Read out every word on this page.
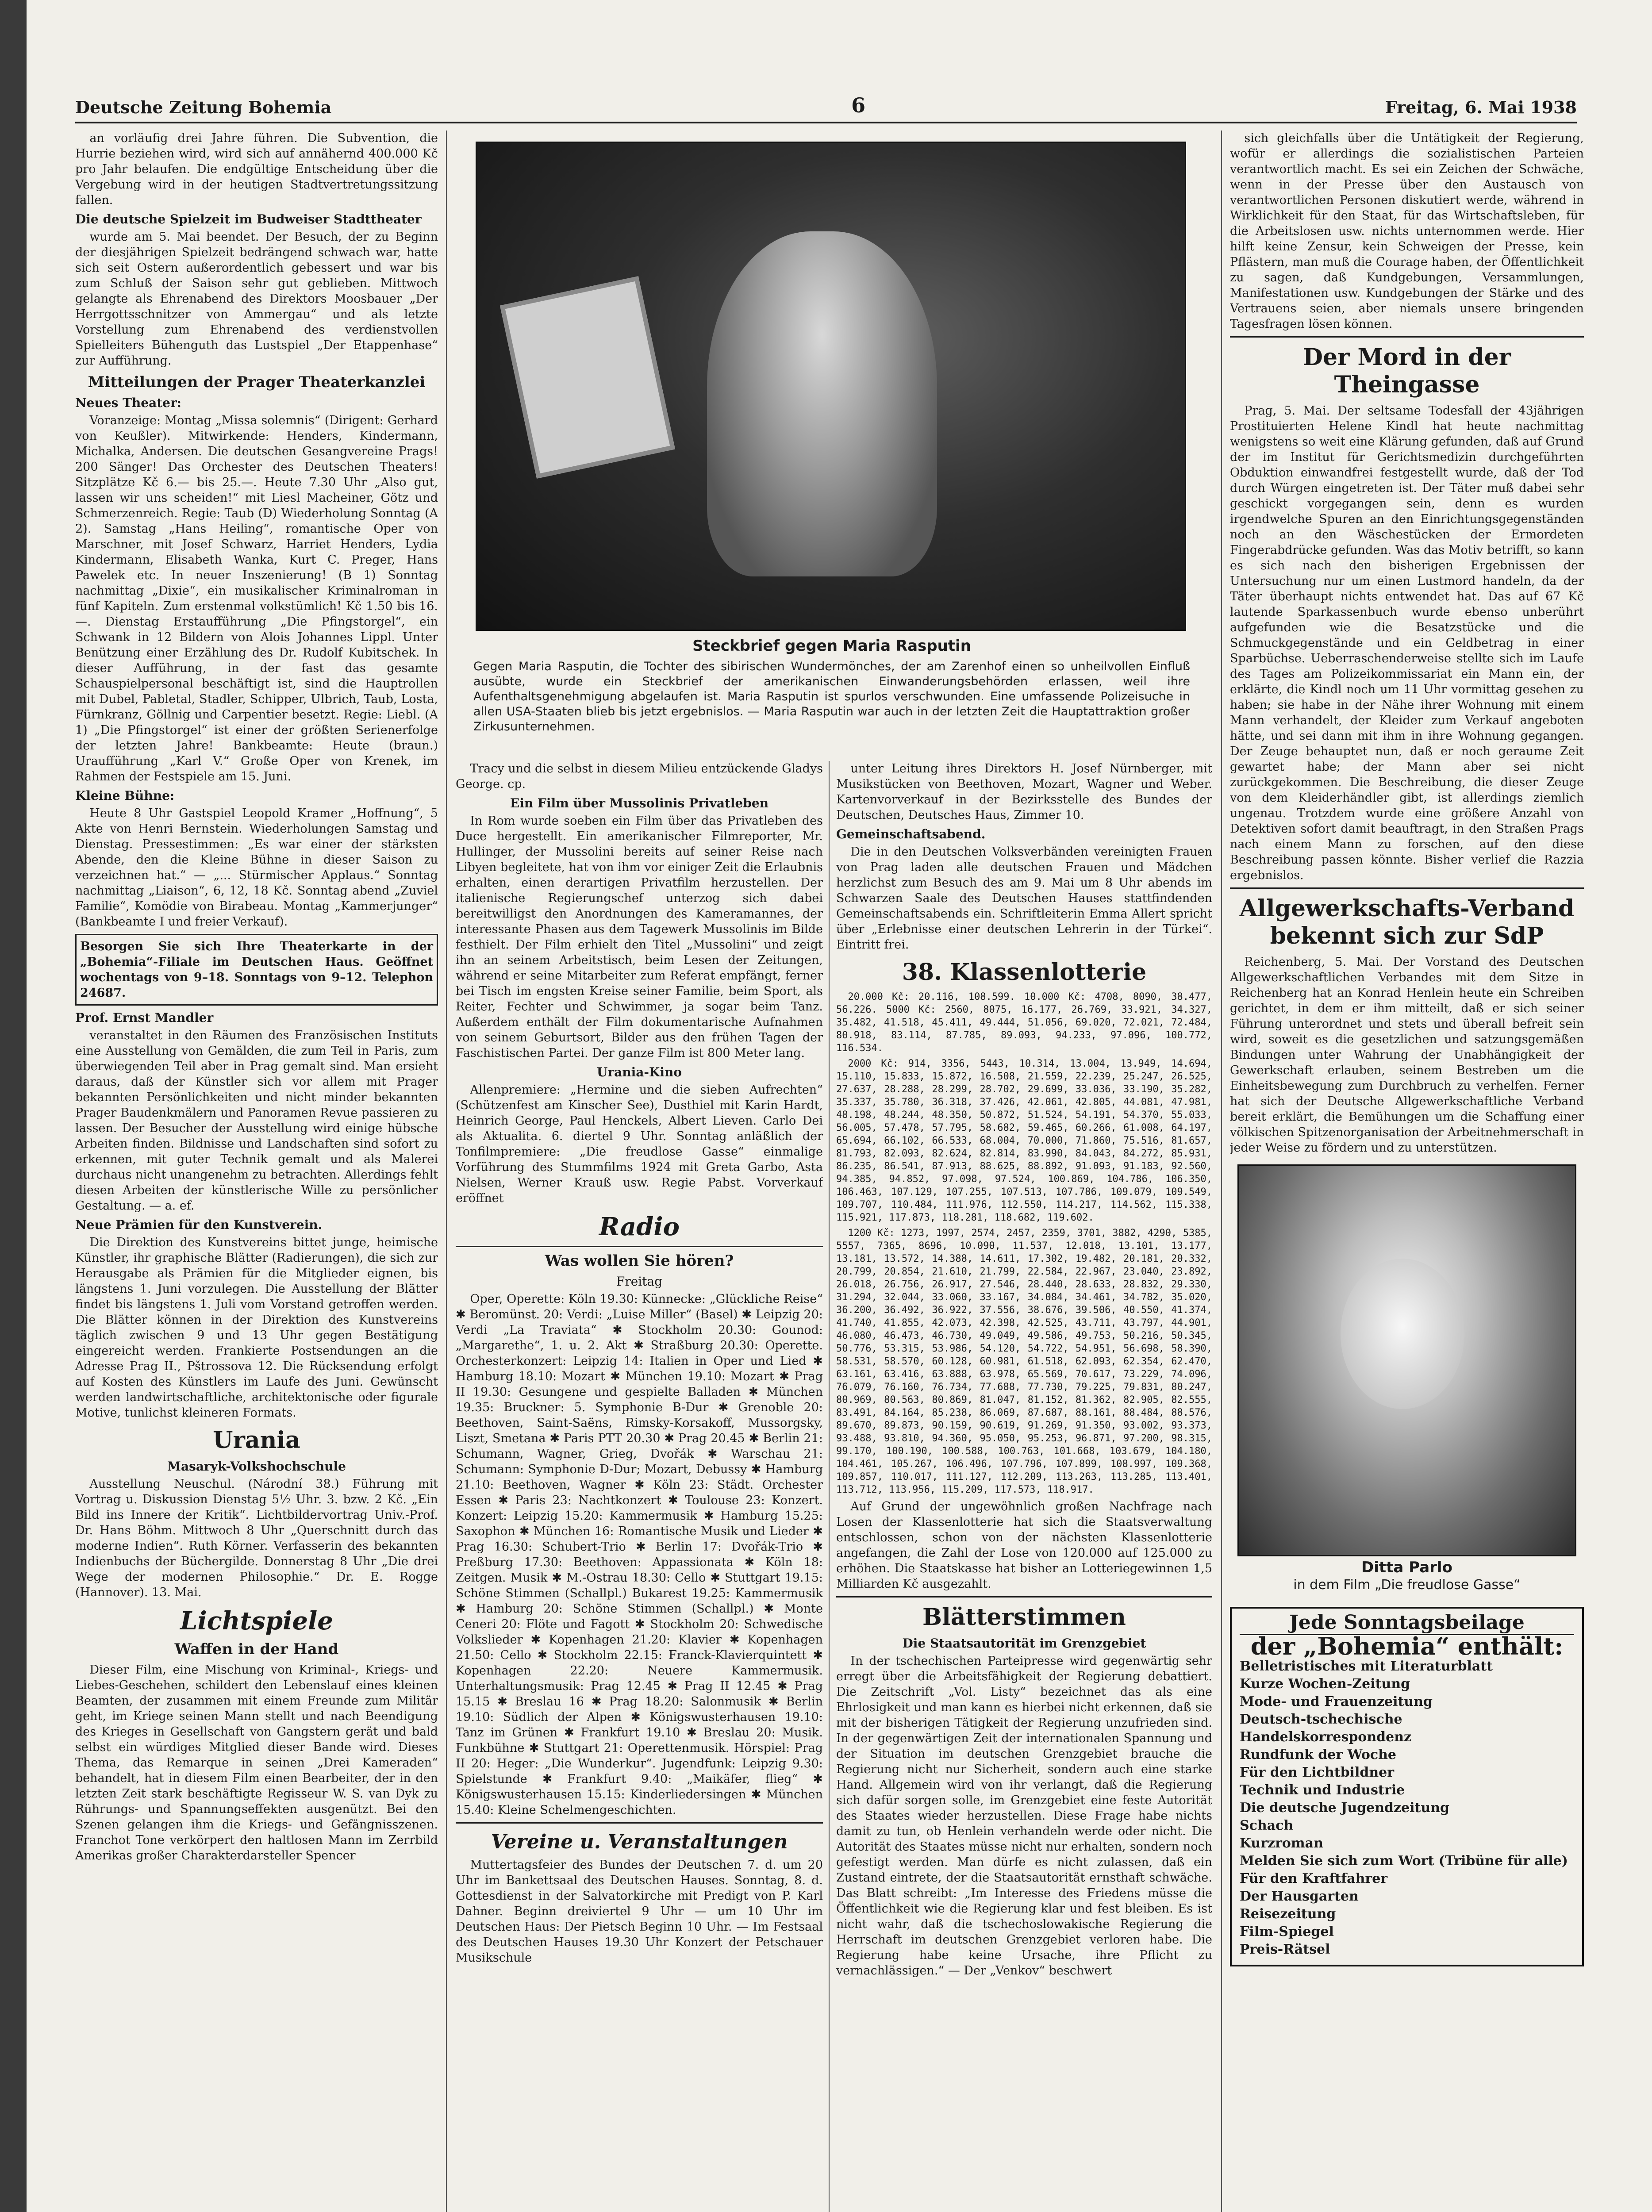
Deutsche Zeitung Bohemia	6	Freitag, 6. Mai 1938

an vorläufig drei Jahre führen. Die Subvention, die Hurrie beziehen wird, wird sich auf annähernd 400.000 Kč pro Jahr belaufen. Die endgültige Entscheidung über die Vergebung wird in der heutigen Stadtvertretungssitzung fallen.

Die deutsche Spielzeit im Budweiser Stadttheater

wurde am 5. Mai beendet. Der Besuch, der zu Beginn der diesjährigen Spielzeit bedrängend schwach war, hatte sich seit Ostern außerordentlich gebessert und war bis zum Schluß der Saison sehr gut geblieben. Mittwoch gelangte als Ehrenabend des Direktors Moosbauer „Der Herrgottsschnitzer von Ammergau“ und als letzte Vorstellung zum Ehrenabend des verdienstvollen Spielleiters Bühenguth das Lustspiel „Der Etappenhase“ zur Aufführung.

Mitteilungen der Prager Theaterkanzlei
Neues Theater:

Voranzeige: Montag „Missa solemnis“ (Dirigent: Gerhard von Keußler). Mitwirkende: Henders, Kindermann, Michalka, Andersen. Die deutschen Gesangvereine Prags! 200 Sänger! Das Orchester des Deutschen Theaters! Sitzplätze Kč 6.— bis 25.—. Heute 7.30 Uhr „Also gut, lassen wir uns scheiden!“ mit Liesl Macheiner, Götz und Schmerzenreich. Regie: Taub (D) Wiederholung Sonntag (A 2). Samstag „Hans Heiling“, romantische Oper von Marschner, mit Josef Schwarz, Harriet Henders, Lydia Kindermann, Elisabeth Wanka, Kurt C. Preger, Hans Pawelek etc. In neuer Inszenierung! (B 1) Sonntag nachmittag „Dixie“, ein musikalischer Kriminalroman in fünf Kapiteln. Zum erstenmal volkstümlich! Kč 1.50 bis 16.—. Dienstag Erstaufführung „Die Pfingstorgel“, ein Schwank in 12 Bildern von Alois Johannes Lippl. Unter Benützung einer Erzählung des Dr. Rudolf Kubitschek. In dieser Aufführung, in der fast das gesamte Schauspielpersonal beschäftigt ist, sind die Hauptrollen mit Dubel, Pabletal, Stadler, Schipper, Ulbrich, Taub, Losta, Fürnkranz, Göllnig und Carpentier besetzt. Regie: Liebl. (A 1) „Die Pfingstorgel“ ist einer der größten Serienerfolge der letzten Jahre! Bankbeamte: Heute (braun.) Uraufführung „Karl V.“ Große Oper von Krenek, im Rahmen der Festspiele am 15. Juni.

Kleine Bühne:

Heute 8 Uhr Gastspiel Leopold Kramer „Hoffnung“, 5 Akte von Henri Bernstein. Wiederholungen Samstag und Dienstag. Pressestimmen: „Es war einer der stärksten Abende, den die Kleine Bühne in dieser Saison zu verzeichnen hat.“ — „... Stürmischer Applaus.“ Sonntag nachmittag „Liaison“, 6, 12, 18 Kč. Sonntag abend „Zuviel Familie“, Komödie von Birabeau. Montag „Kammerjunger“ (Bankbeamte I und freier Verkauf).

Besorgen Sie sich Ihre Theaterkarte in der „Bohemia“-Filiale im Deutschen Haus. Geöffnet wochentags von 9–18. Sonntags von 9–12. Telephon 24687.
Prof. Ernst Mandler

veranstaltet in den Räumen des Französischen Instituts eine Ausstellung von Gemälden, die zum Teil in Paris, zum überwiegenden Teil aber in Prag gemalt sind. Man ersieht daraus, daß der Künstler sich vor allem mit Prager bekannten Persönlichkeiten und nicht minder bekannten Prager Baudenkmälern und Panoramen Revue passieren zu lassen. Der Besucher der Ausstellung wird einige hübsche Arbeiten finden. Bildnisse und Landschaften sind sofort zu erkennen, mit guter Technik gemalt und als Malerei durchaus nicht unangenehm zu betrachten. Allerdings fehlt diesen Arbeiten der künstlerische Wille zu persönlicher Gestaltung. — a. ef.

Neue Prämien für den Kunstverein.

Die Direktion des Kunstvereins bittet junge, heimische Künstler, ihr graphische Blätter (Radierungen), die sich zur Herausgabe als Prämien für die Mitglieder eignen, bis längstens 1. Juni vorzulegen. Die Ausstellung der Blätter findet bis längstens 1. Juli vom Vorstand getroffen werden. Die Blätter können in der Direktion des Kunstvereins täglich zwischen 9 und 13 Uhr gegen Bestätigung eingereicht werden. Frankierte Postsendungen an die Adresse Prag II., Pštrossova 12. Die Rücksendung erfolgt auf Kosten des Künstlers im Laufe des Juni. Gewünscht werden landwirtschaftliche, architektonische oder figurale Motive, tunlichst kleineren Formats.

Urania
Masaryk-Volkshochschule

Ausstellung Neuschul. (Národní 38.) Führung mit Vortrag u. Diskussion Dienstag 5½ Uhr. 3. bzw. 2 Kč. „Ein Bild ins Innere der Kritik“. Lichtbildervortrag Univ.-Prof. Dr. Hans Böhm. Mittwoch 8 Uhr „Querschnitt durch das moderne Indien“. Ruth Körner. Verfasserin des bekannten Indienbuchs der Büchergilde. Donnerstag 8 Uhr „Die drei Wege der modernen Philosophie.“ Dr. E. Rogge (Hannover). 13. Mai.

Lichtspiele
Waffen in der Hand

Dieser Film, eine Mischung von Kriminal-, Kriegs- und Liebes-Geschehen, schildert den Lebenslauf eines kleinen Beamten, der zusammen mit einem Freunde zum Militär geht, im Kriege seinen Mann stellt und nach Beendigung des Krieges in Gesellschaft von Gangstern gerät und bald selbst ein würdiges Mitglied dieser Bande wird. Dieses Thema, das Remarque in seinen „Drei Kameraden“ behandelt, hat in diesem Film einen Bearbeiter, der in den letzten Zeit stark beschäftigte Regisseur W. S. van Dyk zu Rührungs- und Spannungseffekten ausgenützt. Bei den Szenen gelangen ihm die Kriegs- und Gefängnisszenen. Franchot Tone verkörpert den haltlosen Mann im Zerrbild Amerikas großer Charakterdarsteller Spencer

Steckbrief gegen Maria Rasputin
Gegen Maria Rasputin, die Tochter des sibirischen Wundermönches, der am Zarenhof einen so unheilvollen Einfluß ausübte, wurde ein Steckbrief der amerikanischen Einwanderungsbehörden erlassen, weil ihre Aufenthaltsgenehmigung abgelaufen ist. Maria Rasputin ist spurlos verschwunden. Eine umfassende Polizeisuche in allen USA-Staaten blieb bis jetzt ergebnislos. — Maria Rasputin war auch in der letzten Zeit die Hauptattraktion großer Zirkusunternehmen.

Tracy und die selbst in diesem Milieu entzückende Gladys George. cp.

Ein Film über Mussolinis Privatleben

In Rom wurde soeben ein Film über das Privatleben des Duce hergestellt. Ein amerikanischer Filmreporter, Mr. Hullinger, der Mussolini bereits auf seiner Reise nach Libyen begleitete, hat von ihm vor einiger Zeit die Erlaubnis erhalten, einen derartigen Privatfilm herzustellen. Der italienische Regierungschef unterzog sich dabei bereitwilligst den Anordnungen des Kameramannes, der interessante Phasen aus dem Tagewerk Mussolinis im Bilde festhielt. Der Film erhielt den Titel „Mussolini“ und zeigt ihn an seinem Arbeitstisch, beim Lesen der Zeitungen, während er seine Mitarbeiter zum Referat empfängt, ferner bei Tisch im engsten Kreise seiner Familie, beim Sport, als Reiter, Fechter und Schwimmer, ja sogar beim Tanz. Außerdem enthält der Film dokumentarische Aufnahmen von seinem Geburtsort, Bilder aus den frühen Tagen der Faschistischen Partei. Der ganze Film ist 800 Meter lang.

Urania-Kino

Allenpremiere: „Hermine und die sieben Aufrechten“ (Schützenfest am Kinscher See), Dusthiel mit Karin Hardt, Heinrich George, Paul Henckels, Albert Lieven. Carlo Dei als Aktualita. 6. diertel 9 Uhr. Sonntag anläßlich der Tonfilmpremiere: „Die freudlose Gasse“ einmalige Vorführung des Stummfilms 1924 mit Greta Garbo, Asta Nielsen, Werner Krauß usw. Regie Pabst. Vorverkauf eröffnet

Radio
Was wollen Sie hören?
Freitag

Oper, Operette: Köln 19.30: Künnecke: „Glückliche Reise“ ✱ Beromünst. 20: Verdi: „Luise Miller“ (Basel) ✱ Leipzig 20: Verdi „La Traviata“ ✱ Stockholm 20.30: Gounod: „Margarethe“, 1. u. 2. Akt ✱ Straßburg 20.30: Operette. Orchesterkonzert: Leipzig 14: Italien in Oper und Lied ✱ Hamburg 18.10: Mozart ✱ München 19.10: Mozart ✱ Prag II 19.30: Gesungene und gespielte Balladen ✱ München 19.35: Bruckner: 5. Symphonie B-Dur ✱ Grenoble 20: Beethoven, Saint-Saëns, Rimsky-Korsakoff, Mussorgsky, Liszt, Smetana ✱ Paris PTT 20.30 ✱ Prag 20.45 ✱ Berlin 21: Schumann, Wagner, Grieg, Dvořák ✱ Warschau 21: Schumann: Symphonie D-Dur; Mozart, Debussy ✱ Hamburg 21.10: Beethoven, Wagner ✱ Köln 23: Städt. Orchester Essen ✱ Paris 23: Nachtkonzert ✱ Toulouse 23: Konzert. Konzert: Leipzig 15.20: Kammermusik ✱ Hamburg 15.25: Saxophon ✱ München 16: Romantische Musik und Lieder ✱ Prag 16.30: Schubert-Trio ✱ Berlin 17: Dvořák-Trio ✱ Preßburg 17.30: Beethoven: Appassionata ✱ Köln 18: Zeitgen. Musik ✱ M.-Ostrau 18.30: Cello ✱ Stuttgart 19.15: Schöne Stimmen (Schallpl.) Bukarest 19.25: Kammermusik ✱ Hamburg 20: Schöne Stimmen (Schallpl.) ✱ Monte Ceneri 20: Flöte und Fagott ✱ Stockholm 20: Schwedische Volkslieder ✱ Kopenhagen 21.20: Klavier ✱ Kopenhagen 21.50: Cello ✱ Stockholm 22.15: Franck-Klavierquintett ✱ Kopenhagen 22.20: Neuere Kammermusik. Unterhaltungsmusik: Prag 12.45 ✱ Prag II 12.45 ✱ Prag 15.15 ✱ Breslau 16 ✱ Prag 18.20: Salonmusik ✱ Berlin 19.10: Südlich der Alpen ✱ Königswusterhausen 19.10: Tanz im Grünen ✱ Frankfurt 19.10 ✱ Breslau 20: Musik. Funkbühne ✱ Stuttgart 21: Operettenmusik. Hörspiel: Prag II 20: Heger: „Die Wunderkur“. Jugendfunk: Leipzig 9.30: Spielstunde ✱ Frankfurt 9.40: „Maikäfer, flieg“ ✱ Königswusterhausen 15.15: Kinderliedersingen ✱ München 15.40: Kleine Schelmengeschichten.

Vereine u. Veranstaltungen

Muttertagsfeier des Bundes der Deutschen 7. d. um 20 Uhr im Bankettsaal des Deutschen Hauses. Sonntag, 8. d. Gottesdienst in der Salvatorkirche mit Predigt von P. Karl Dahner. Beginn dreiviertel 9 Uhr — um 10 Uhr im Deutschen Haus: Der Pietsch Beginn 10 Uhr. — Im Festsaal des Deutschen Hauses 19.30 Uhr Konzert der Petschauer Musikschule

unter Leitung ihres Direktors H. Josef Nürnberger, mit Musikstücken von Beethoven, Mozart, Wagner und Weber. Kartenvorverkauf in der Bezirksstelle des Bundes der Deutschen, Deutsches Haus, Zimmer 10.

Gemeinschaftsabend.

Die in den Deutschen Volksverbänden vereinigten Frauen von Prag laden alle deutschen Frauen und Mädchen herzlichst zum Besuch des am 9. Mai um 8 Uhr abends im Schwarzen Saale des Deutschen Hauses stattfindenden Gemeinschaftsabends ein. Schriftleiterin Emma Allert spricht über „Erlebnisse einer deutschen Lehrerin in der Türkei“. Eintritt frei.

38. Klassenlotterie

20.000 Kč: 20.116, 108.599. 10.000 Kč: 4708, 8090, 38.477, 56.226. 5000 Kč: 2560, 8075, 16.177, 26.769, 33.921, 34.327, 35.482, 41.518, 45.411, 49.444, 51.056, 69.020, 72.021, 72.484, 80.918, 83.114, 87.785, 89.093, 94.233, 97.096, 100.772, 116.534.

2000 Kč: 914, 3356, 5443, 10.314, 13.004, 13.949, 14.694, 15.110, 15.833, 15.872, 16.508, 21.559, 22.239, 25.247, 26.525, 27.637, 28.288, 28.299, 28.702, 29.699, 33.036, 33.190, 35.282, 35.337, 35.780, 36.318, 37.426, 42.061, 42.805, 44.081, 47.981, 48.198, 48.244, 48.350, 50.872, 51.524, 54.191, 54.370, 55.033, 56.005, 57.478, 57.795, 58.682, 59.465, 60.266, 61.008, 64.197, 65.694, 66.102, 66.533, 68.004, 70.000, 71.860, 75.516, 81.657, 81.793, 82.093, 82.624, 82.814, 83.990, 84.043, 84.272, 85.931, 86.235, 86.541, 87.913, 88.625, 88.892, 91.093, 91.183, 92.560, 94.385, 94.852, 97.098, 97.524, 100.869, 104.786, 106.350, 106.463, 107.129, 107.255, 107.513, 107.786, 109.079, 109.549, 109.707, 110.484, 111.976, 112.550, 114.217, 114.562, 115.338, 115.921, 117.873, 118.281, 118.682, 119.602.

1200 Kč: 1273, 1997, 2574, 2457, 2359, 3701, 3882, 4290, 5385, 5557, 7365, 8696, 10.090, 11.537, 12.018, 13.101, 13.177, 13.181, 13.572, 14.388, 14.611, 17.302, 19.482, 20.181, 20.332, 20.799, 20.854, 21.610, 21.799, 22.584, 22.967, 23.040, 23.892, 26.018, 26.756, 26.917, 27.546, 28.440, 28.633, 28.832, 29.330, 31.294, 32.044, 33.060, 33.167, 34.084, 34.461, 34.782, 35.020, 36.200, 36.492, 36.922, 37.556, 38.676, 39.506, 40.550, 41.374, 41.740, 41.855, 42.073, 42.398, 42.525, 43.711, 43.797, 44.901, 46.080, 46.473, 46.730, 49.049, 49.586, 49.753, 50.216, 50.345, 50.776, 53.315, 53.986, 54.120, 54.722, 54.951, 56.698, 58.390, 58.531, 58.570, 60.128, 60.981, 61.518, 62.093, 62.354, 62.470, 63.161, 63.416, 63.888, 63.978, 65.569, 70.617, 73.229, 74.096, 76.079, 76.160, 76.734, 77.688, 77.730, 79.225, 79.831, 80.247, 80.969, 80.563, 80.869, 81.047, 81.152, 81.362, 82.905, 82.555, 83.491, 84.164, 85.238, 86.069, 87.687, 88.161, 88.484, 88.576, 89.670, 89.873, 90.159, 90.619, 91.269, 91.350, 93.002, 93.373, 93.488, 93.810, 94.360, 95.050, 95.253, 96.871, 97.200, 98.315, 99.170, 100.190, 100.588, 100.763, 101.668, 103.679, 104.180, 104.461, 105.267, 106.496, 107.796, 107.899, 108.997, 109.368, 109.857, 110.017, 111.127, 112.209, 113.263, 113.285, 113.401, 113.712, 113.956, 115.209, 117.573, 118.917.

Auf Grund der ungewöhnlich großen Nachfrage nach Losen der Klassenlotterie hat sich die Staatsverwaltung entschlossen, schon von der nächsten Klassenlotterie angefangen, die Zahl der Lose von 120.000 auf 125.000 zu erhöhen. Die Staatskasse hat bisher an Lotteriegewinnen 1,5 Milliarden Kč ausgezahlt.

Blätterstimmen
Die Staatsautorität im Grenzgebiet

In der tschechischen Parteipresse wird gegenwärtig sehr erregt über die Arbeitsfähigkeit der Regierung debattiert. Die Zeitschrift „Vol. Listy“ bezeichnet das als eine Ehrlosigkeit und man kann es hierbei nicht erkennen, daß sie mit der bisherigen Tätigkeit der Regierung unzufrieden sind. In der gegenwärtigen Zeit der internationalen Spannung und der Situation im deutschen Grenzgebiet brauche die Regierung nicht nur Sicherheit, sondern auch eine starke Hand. Allgemein wird von ihr verlangt, daß die Regierung sich dafür sorgen solle, im Grenzgebiet eine feste Autorität des Staates wieder herzustellen. Diese Frage habe nichts damit zu tun, ob Henlein verhandeln werde oder nicht. Die Autorität des Staates müsse nicht nur erhalten, sondern noch gefestigt werden. Man dürfe es nicht zulassen, daß ein Zustand eintrete, der die Staatsautorität ernsthaft schwäche. Das Blatt schreibt: „Im Interesse des Friedens müsse die Öffentlichkeit wie die Regierung klar und fest bleiben. Es ist nicht wahr, daß die tschechoslowakische Regierung die Herrschaft im deutschen Grenzgebiet verloren habe. Die Regierung habe keine Ursache, ihre Pflicht zu vernachlässigen.“ — Der „Venkov“ beschwert

sich gleichfalls über die Untätigkeit der Regierung, wofür er allerdings die sozialistischen Parteien verantwortlich macht. Es sei ein Zeichen der Schwäche, wenn in der Presse über den Austausch von verantwortlichen Personen diskutiert werde, während in Wirklichkeit für den Staat, für das Wirtschaftsleben, für die Arbeitslosen usw. nichts unternommen werde. Hier hilft keine Zensur, kein Schweigen der Presse, kein Pflästern, man muß die Courage haben, der Öffentlichkeit zu sagen, daß Kundgebungen, Versammlungen, Manifestationen usw. Kundgebungen der Stärke und des Vertrauens seien, aber niemals unsere bringenden Tagesfragen lösen können.

Der Mord in der Theingasse

Prag, 5. Mai. Der seltsame Todesfall der 43jährigen Prostituierten Helene Kindl hat heute nachmittag wenigstens so weit eine Klärung gefunden, daß auf Grund der im Institut für Gerichtsmedizin durchgeführten Obduktion einwandfrei festgestellt wurde, daß der Tod durch Würgen eingetreten ist. Der Täter muß dabei sehr geschickt vorgegangen sein, denn es wurden irgendwelche Spuren an den Einrichtungsgegenständen noch an den Wäschestücken der Ermordeten Fingerabdrücke gefunden. Was das Motiv betrifft, so kann es sich nach den bisherigen Ergebnissen der Untersuchung nur um einen Lustmord handeln, da der Täter überhaupt nichts entwendet hat. Das auf 67 Kč lautende Sparkassenbuch wurde ebenso unberührt aufgefunden wie die Besatzstücke und die Schmuckgegenstände und ein Geldbetrag in einer Sparbüchse. Ueberraschenderweise stellte sich im Laufe des Tages am Polizeikommissariat ein Mann ein, der erklärte, die Kindl noch um 11 Uhr vormittag gesehen zu haben; sie habe in der Nähe ihrer Wohnung mit einem Mann verhandelt, der Kleider zum Verkauf angeboten hätte, und sei dann mit ihm in ihre Wohnung gegangen. Der Zeuge behauptet nun, daß er noch geraume Zeit gewartet habe; der Mann aber sei nicht zurückgekommen. Die Beschreibung, die dieser Zeuge von dem Kleiderhändler gibt, ist allerdings ziemlich ungenau. Trotzdem wurde eine größere Anzahl von Detektiven sofort damit beauftragt, in den Straßen Prags nach einem Mann zu forschen, auf den diese Beschreibung passen könnte. Bisher verlief die Razzia ergebnislos.

Allgewerkschafts-Verband bekennt sich zur SdP

Reichenberg, 5. Mai. Der Vorstand des Deutschen Allgewerkschaftlichen Verbandes mit dem Sitze in Reichenberg hat an Konrad Henlein heute ein Schreiben gerichtet, in dem er ihm mitteilt, daß er sich seiner Führung unterordnet und stets und überall befreit sein wird, soweit es die gesetzlichen und satzungsgemäßen Bindungen unter Wahrung der Unabhängigkeit der Gewerkschaft erlauben, seinem Bestreben um die Einheitsbewegung zum Durchbruch zu verhelfen. Ferner hat sich der Deutsche Allgewerkschaftliche Verband bereit erklärt, die Bemühungen um die Schaffung einer völkischen Spitzenorganisation der Arbeitnehmerschaft in jeder Weise zu fördern und zu unterstützen.

Ditta Parlo
in dem Film „Die freudlose Gasse“
Jede Sonntagsbeilage
der „Bohemia“ enthält:
Belletristisches mit Literaturblatt
Kurze Wochen-Zeitung
Mode- und Frauenzeitung
Deutsch-tschechische Handelskorrespondenz
Rundfunk der Woche
Für den Lichtbildner
Technik und Industrie
Die deutsche Jugendzeitung
Schach
Kurzroman
Melden Sie sich zum Wort (Tribüne für alle)
Für den Kraftfahrer
Der Hausgarten
Reisezeitung
Film-Spiegel
Preis-Rätsel
